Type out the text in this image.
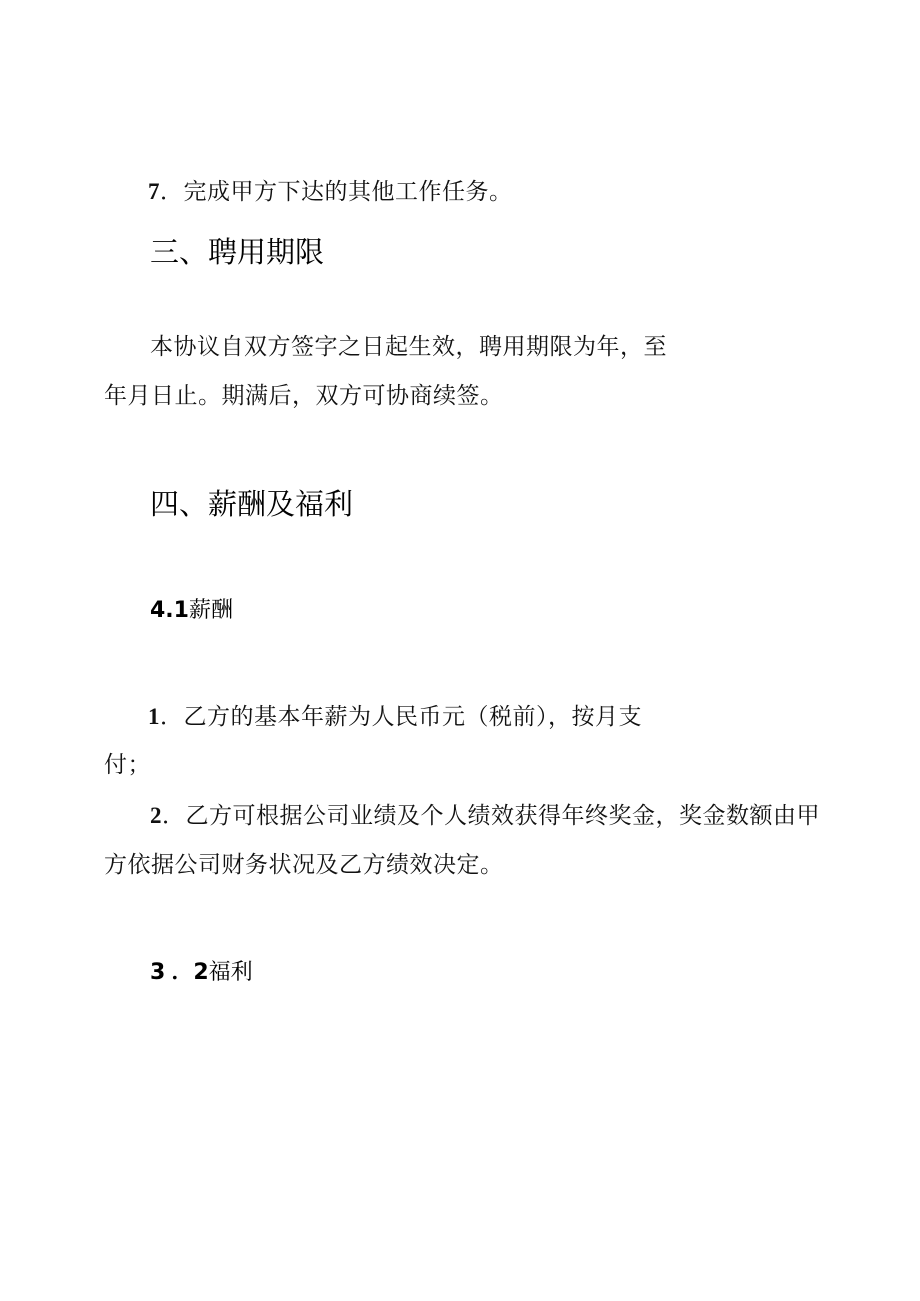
7．完成甲方下达的其他工作任务。
三、聘用期限
本协议自双方签字之日起生效，聘用期限为年，至
年月日止。期满后，双方可协商续签。
四、薪酬及福利
4.1薪酬
1．乙方的基本年薪为人民币元（税前），按月支
付；
2．乙方可根据公司业绩及个人绩效获得年终奖金，奖金数额由甲
方依据公司财务状况及乙方绩效决定。
3 ．2福利
